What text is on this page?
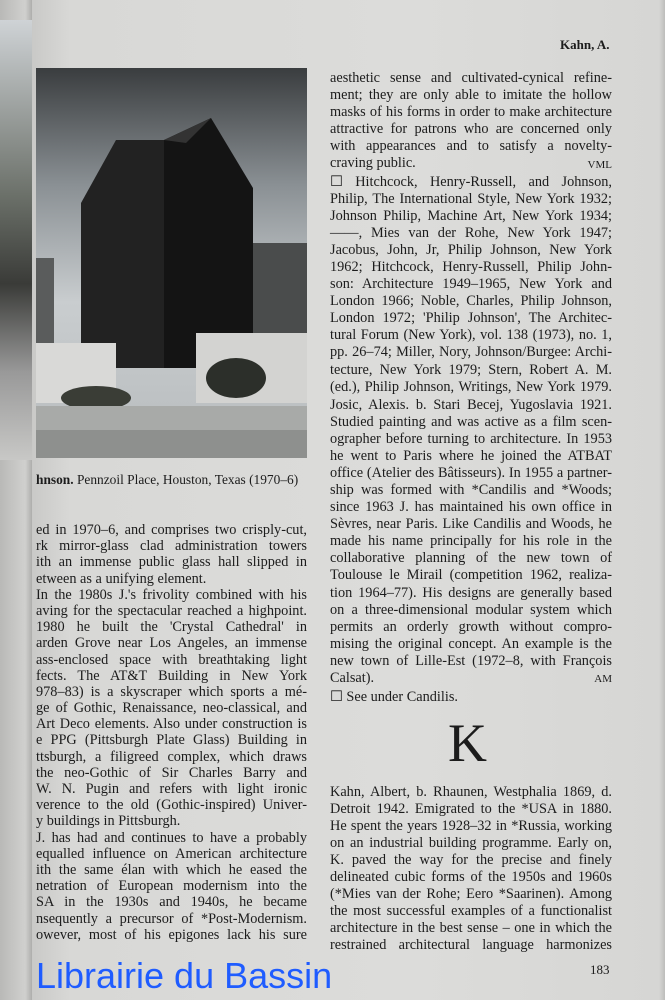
Kahn, A.
hnson. Pennzoil Place, Houston, Texas (1970–6)
ed in 1970–6, and comprises two crisply-cut,
rk mirror-glass clad administration towers
ith an immense public glass hall slipped in
etween as a unifying element.
In the 1980s J.'s frivolity combined with his
aving for the spectacular reached a highpoint.
1980 he built the 'Crystal Cathedral' in
arden Grove near Los Angeles, an immense
ass-enclosed space with breathtaking light
fects. The AT&T Building in New York
978–83) is a skyscraper which sports a mé-
ge of Gothic, Renaissance, neo-classical, and
Art Deco elements. Also under construction is
e PPG (Pittsburgh Plate Glass) Building in
ttsburgh, a filigreed complex, which draws
the neo-Gothic of Sir Charles Barry and
W. N. Pugin and refers with light ironic
verence to the old (Gothic-inspired) Univer-
y buildings in Pittsburgh.
J. has had and continues to have a probably
equalled influence on American architecture
ith the same élan with which he eased the
netration of European modernism into the
SA in the 1930s and 1940s, he became
nsequently a precursor of *Post-Modernism.
owever, most of his epigones lack his sure
aesthetic sense and cultivated-cynical refine-
ment; they are only able to imitate the hollow
masks of his forms in order to make architecture
attractive for patrons who are concerned only
with appearances and to satisfy a novelty-
craving public.	VML
☐ Hitchcock, Henry-Russell, and Johnson,
Philip, The International Style, New York 1932;
Johnson Philip, Machine Art, New York 1934;
——, Mies van der Rohe, New York 1947;
Jacobus, John, Jr, Philip Johnson, New York
1962; Hitchcock, Henry-Russell, Philip John-
son: Architecture 1949–1965, New York and
London 1966; Noble, Charles, Philip Johnson,
London 1972; 'Philip Johnson', The Architec-
tural Forum (New York), vol. 138 (1973), no. 1,
pp. 26–74; Miller, Nory, Johnson/Burgee: Archi-
tecture, New York 1979; Stern, Robert A. M.
(ed.), Philip Johnson, Writings, New York 1979.
Josic, Alexis. b. Stari Becej, Yugoslavia 1921.
Studied painting and was active as a film scen-
ographer before turning to architecture. In 1953
he went to Paris where he joined the ATBAT
office (Atelier des Bâtisseurs). In 1955 a partner-
ship was formed with *Candilis and *Woods;
since 1963 J. has maintained his own office in
Sèvres, near Paris. Like Candilis and Woods, he
made his name principally for his role in the
collaborative planning of the new town of
Toulouse le Mirail (competition 1962, realiza-
tion 1964–77). His designs are generally based
on a three-dimensional modular system which
permits an orderly growth without compro-
mising the original concept. An example is the
new town of Lille-Est (1972–8, with François
Calsat).	AM
☐ See under Candilis.
K
Kahn, Albert, b. Rhaunen, Westphalia 1869, d.
Detroit 1942. Emigrated to the *USA in 1880.
He spent the years 1928–32 in *Russia, working
on an industrial building programme. Early on,
K. paved the way for the precise and finely
delineated cubic forms of the 1950s and 1960s
(*Mies van der Rohe; Eero *Saarinen). Among
the most successful examples of a functionalist
architecture in the best sense – one in which the
restrained architectural language harmonizes
183
Librairie du Bassin
